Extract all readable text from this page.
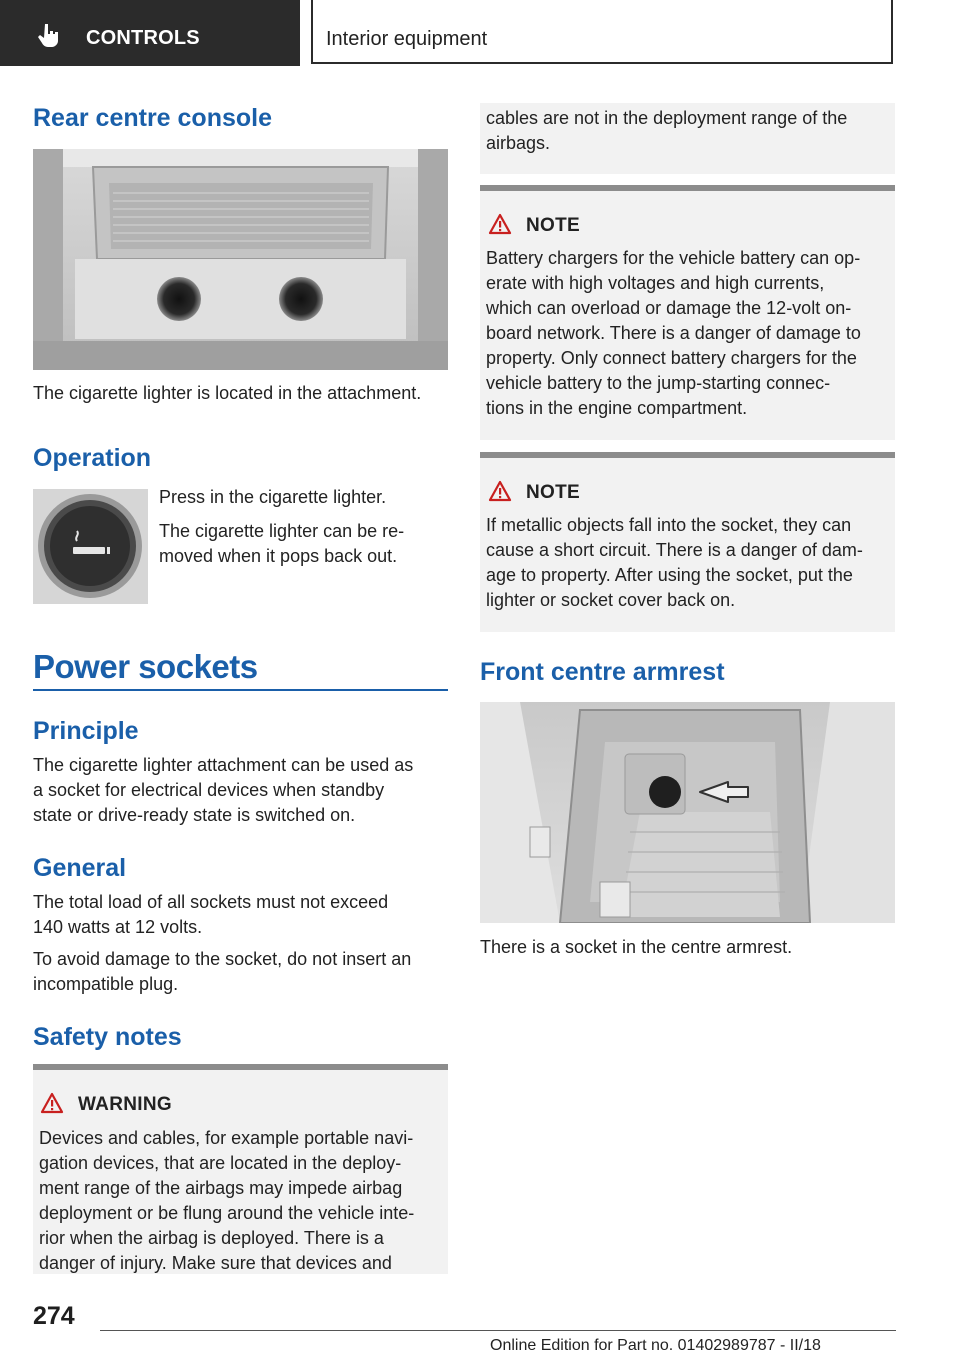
CONTROLS	Interior equipment
Rear centre console
The cigarette lighter is located in the attachment.
Operation
Press in the cigarette lighter.
The cigarette lighter can be re-
moved when it pops back out.
Power sockets
Principle
The cigarette lighter attachment can be used as
a socket for electrical devices when standby
state or drive-ready state is switched on.
General
The total load of all sockets must not exceed
140 watts at 12 volts.
To avoid damage to the socket, do not insert an
incompatible plug.
Safety notes
WARNING
Devices and cables, for example portable navi-
gation devices, that are located in the deploy-
ment range of the airbags may impede airbag
deployment or be flung around the vehicle inte-
rior when the airbag is deployed. There is a
danger of injury. Make sure that devices and
cables are not in the deployment range of the
airbags.
NOTE
Battery chargers for the vehicle battery can op-
erate with high voltages and high currents,
which can overload or damage the 12-volt on-
board network. There is a danger of damage to
property. Only connect battery chargers for the
vehicle battery to the jump-starting connec-
tions in the engine compartment.
NOTE
If metallic objects fall into the socket, they can
cause a short circuit. There is a danger of dam-
age to property. After using the socket, put the
lighter or socket cover back on.
Front centre armrest
There is a socket in the centre armrest.
274
Online Edition for Part no. 01402989787 - II/18
